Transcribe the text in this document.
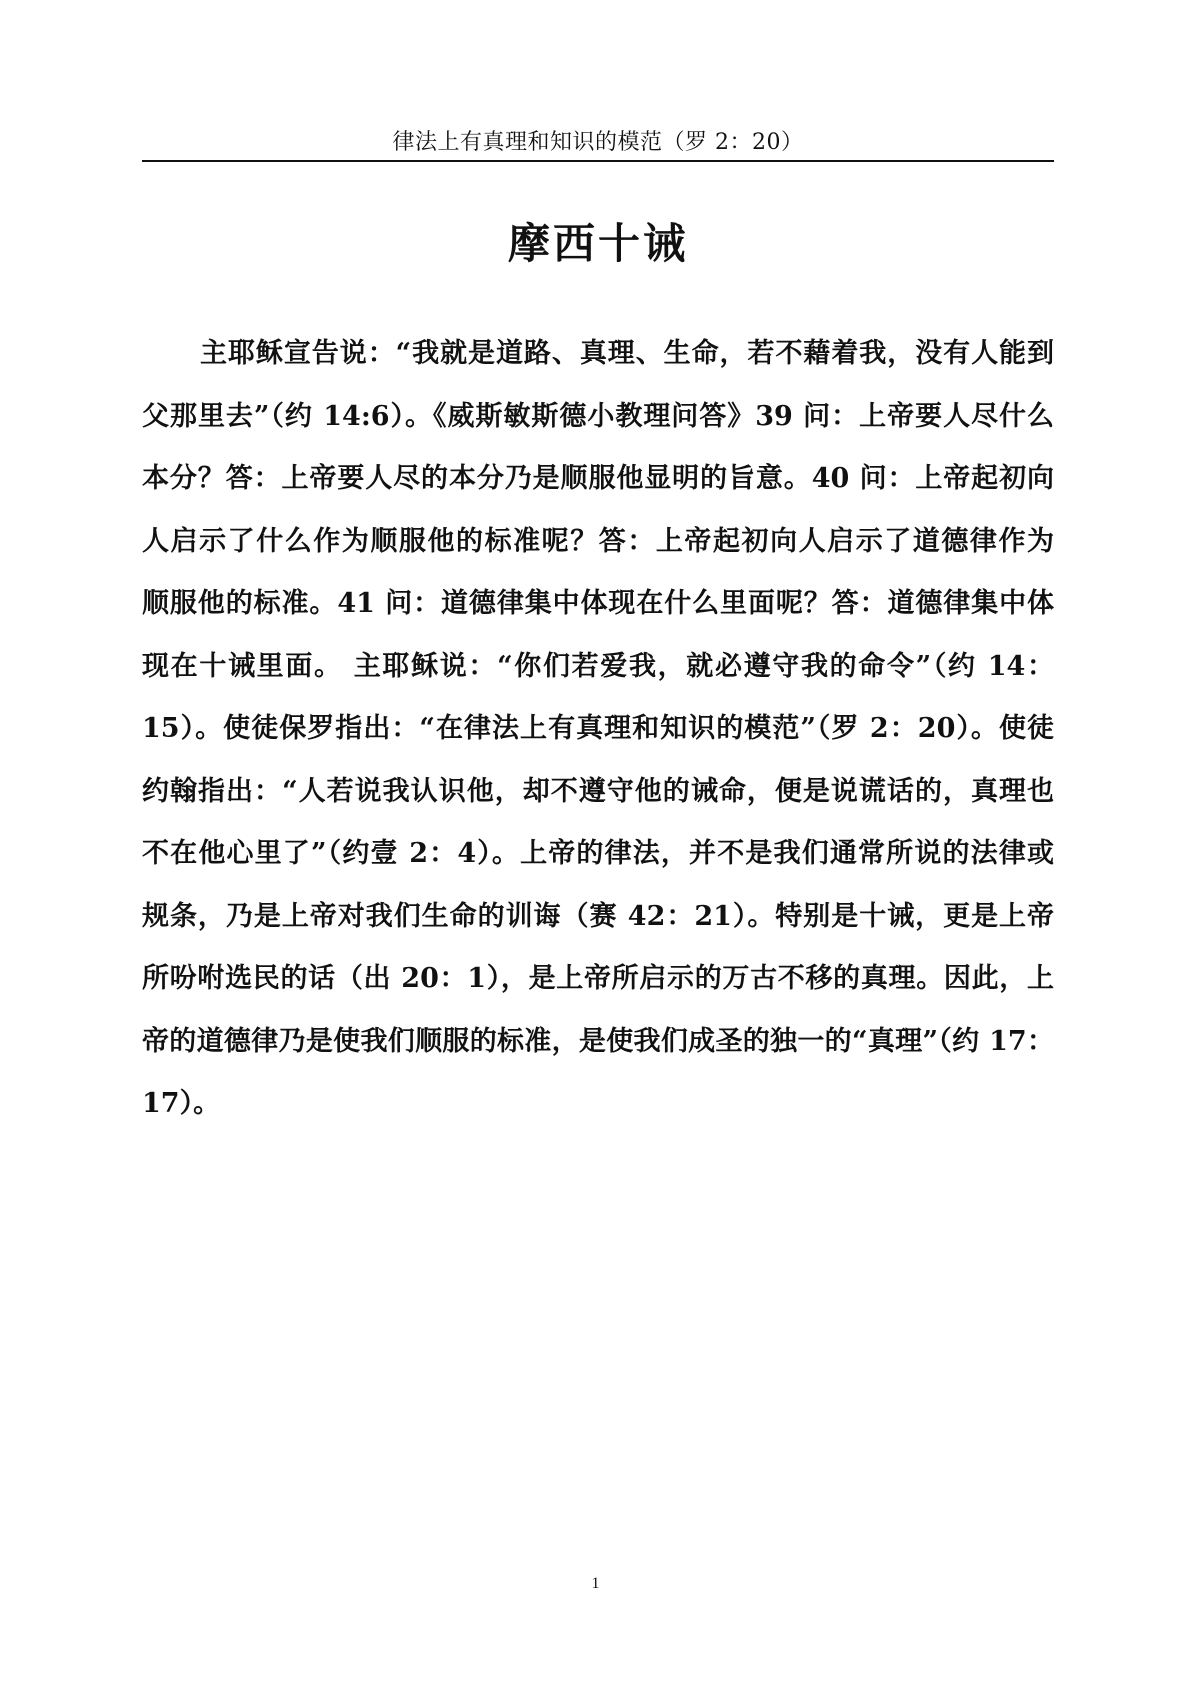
律法上有真理和知识的模范（罗 2：20）
摩西十诫
主耶稣宣告说：“我就是道路、真理、生命，若不藉着我，没有人能到
父那里去”（约 14:6）。《威斯敏斯德小教理问答》39 问：上帝要人尽什么
本分？答：上帝要人尽的本分乃是顺服他显明的旨意。40 问：上帝起初向
人启示了什么作为顺服他的标准呢？答：上帝起初向人启示了道德律作为
顺服他的标准。41 问：道德律集中体现在什么里面呢？答：道德律集中体
现在十诫里面。 主耶稣说：“你们若爱我，就必遵守我的命令”（约 14：
15）。使徒保罗指出：“在律法上有真理和知识的模范”（罗 2：20）。使徒
约翰指出：“人若说我认识他，却不遵守他的诫命，便是说谎话的，真理也
不在他心里了”（约壹 2：4）。上帝的律法，并不是我们通常所说的法律或
规条，乃是上帝对我们生命的训诲（赛 42：21）。特别是十诫，更是上帝
所吩咐选民的话（出 20：1），是上帝所启示的万古不移的真理。因此，上
帝的道德律乃是使我们顺服的标准，是使我们成圣的独一的“真理”（约 17：
17）。
1
